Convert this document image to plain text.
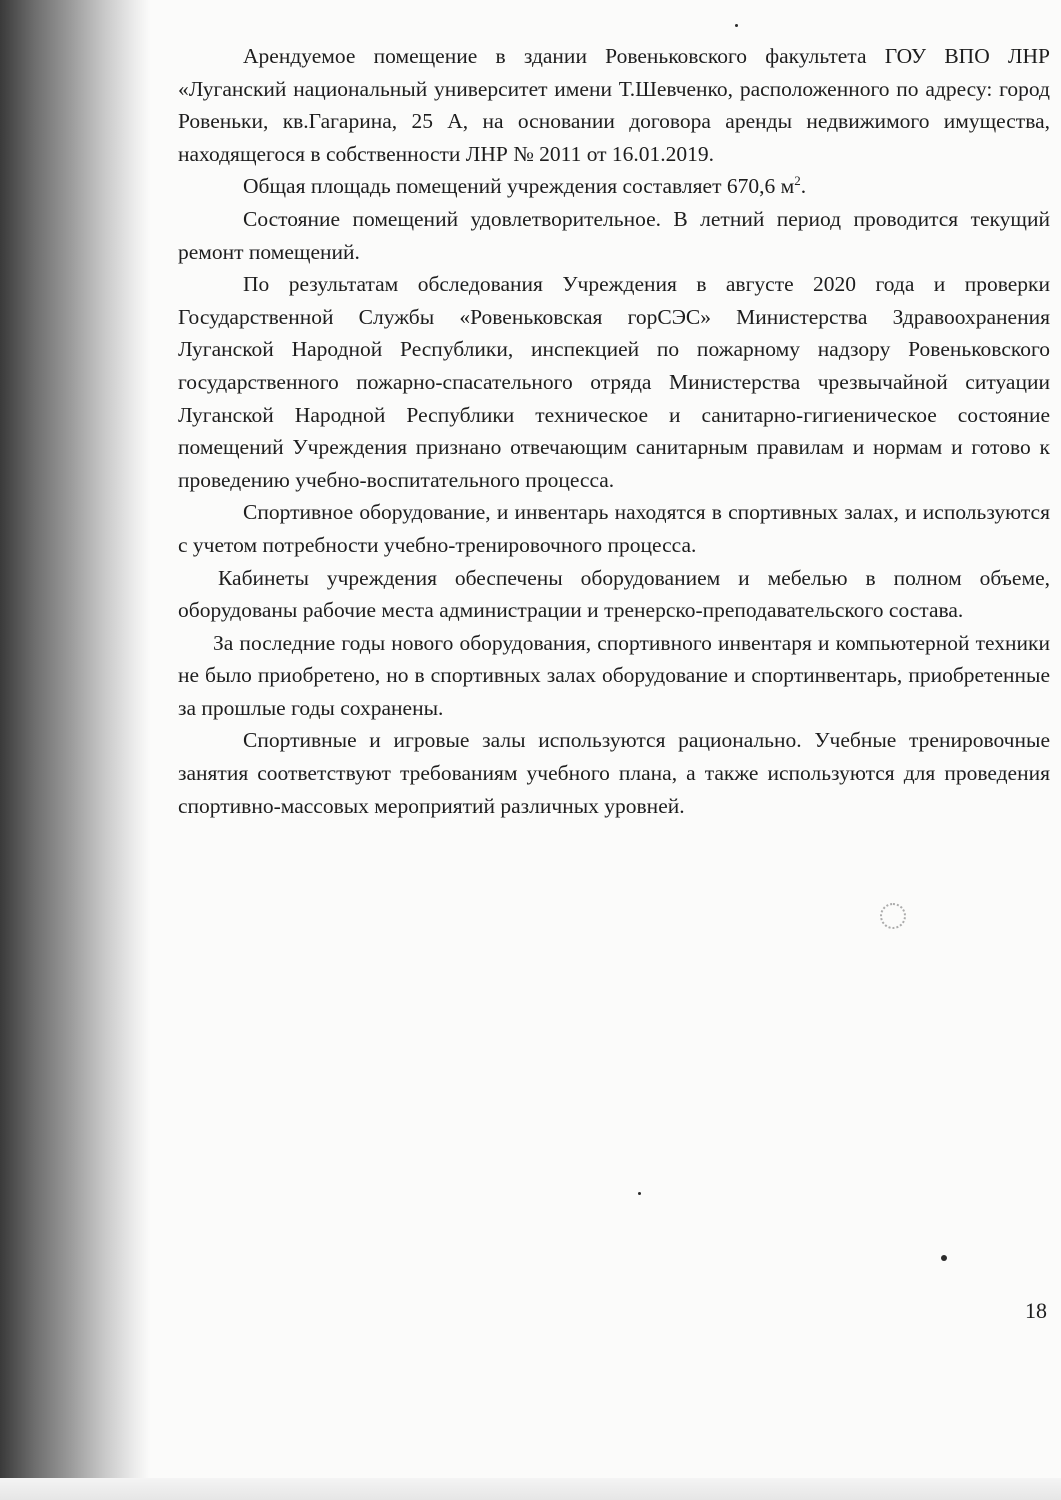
Арендуемое помещение в здании Ровеньковского факультета ГОУ ВПО ЛНР «Луганский национальный университет имени Т.Шевченко, расположенного по адресу: город Ровеньки, кв.Гагарина, 25 А, на основании договора аренды недвижимого имущества, находящегося в собственности ЛНР № 2011 от 16.01.2019.

Общая площадь помещений учреждения составляет 670,6 $м^2$.

Состояние помещений удовлетворительное. В летний период проводится текущий ремонт помещений.

По результатам обследования Учреждения в августе 2020 года и проверки Государственной Службы «Ровеньковская горСЭС» Министерства Здравоохранения Луганской Народной Республики, инспекцией по пожарному надзору Ровеньковского государственного пожарно-спасательного отряда Министерства чрезвычайной ситуации Луганской Народной Республики техническое и санитарно-гигиеническое состояние помещений Учреждения признано отвечающим санитарным правилам и нормам и готово к проведению учебно-воспитательного процесса.

Спортивное оборудование, и инвентарь находятся в спортивных залах, и используются с учетом потребности учебно-тренировочного процесса.

Кабинеты учреждения обеспечены оборудованием и мебелью в полном объеме, оборудованы рабочие места администрации и тренерско-преподавательского состава.

За последние годы нового оборудования, спортивного инвентаря и компьютерной техники не было приобретено, но в спортивных залах оборудование и спортинвентарь, приобретенные за прошлые годы сохранены.

Спортивные и игровые залы используются рационально. Учебные тренировочные занятия соответствуют требованиям учебного плана, а также используются для проведения спортивно-массовых мероприятий различных уровней.

18
